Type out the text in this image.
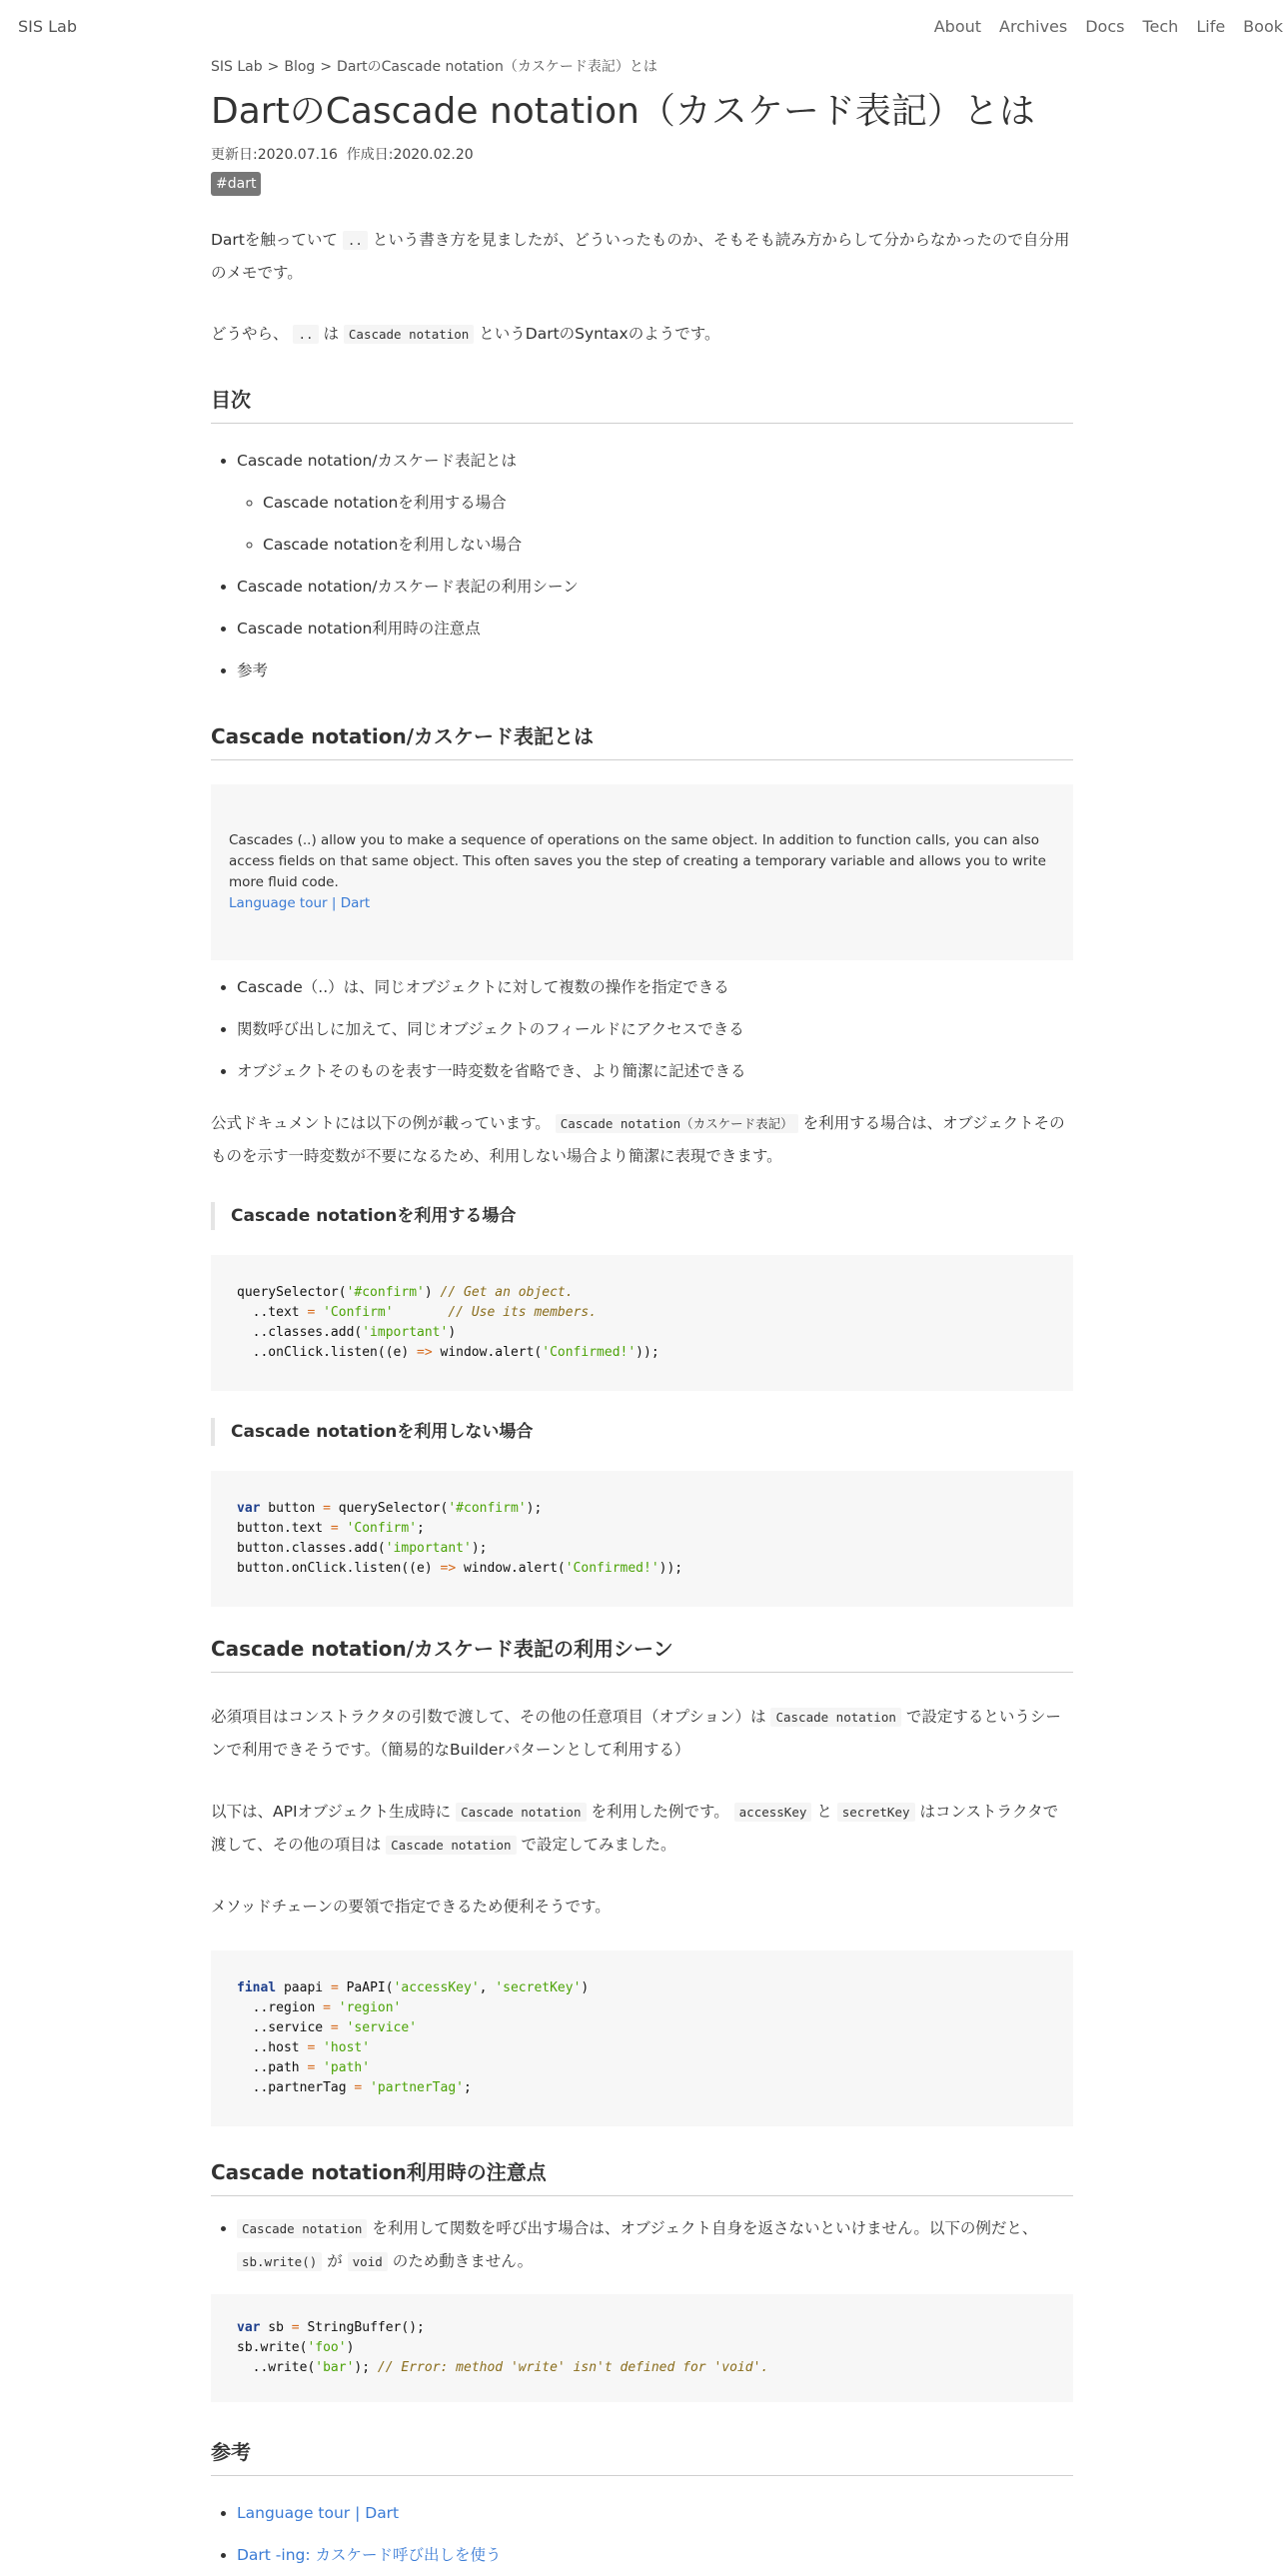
SIS Lab	About Archives Docs Tech Life Book
SIS Lab > Blog > DartのCascade notation（カスケード表記）とは
DartのCascade notation（カスケード表記）とは
更新日:2020.07.16 作成日:2020.02.20
#dart

Dartを触っていて .. という書き方を見ましたが、どういったものか、そもそも読み方からして分からなかったので自分用のメモです。

どうやら、 .. は Cascade notation というDartのSyntaxのようです。

目次
• Cascade notation/カスケード表記とは
◦ Cascade notationを利用する場合
◦ Cascade notationを利用しない場合
• Cascade notation/カスケード表記の利用シーン
• Cascade notation利用時の注意点
• 参考
Cascade notation/カスケード表記とは
Cascades (..) allow you to make a sequence of operations on the same object. In addition to function calls, you can also access fields on that same object. This often saves you the step of creating a temporary variable and allows you to write more fluid code.
Language tour | Dart
• Cascade（..）は、同じオブジェクトに対して複数の操作を指定できる
• 関数呼び出しに加えて、同じオブジェクトのフィールドにアクセスできる
• オブジェクトそのものを表す一時変数を省略でき、より簡潔に記述できる

公式ドキュメントには以下の例が載っています。 Cascade notation（カスケード表記） を利用する場合は、オブジェクトそのものを示す一時変数が不要になるため、利用しない場合より簡潔に表現できます。

Cascade notationを利用する場合
querySelector('#confirm') // Get an object.
..text = 'Confirm'	// Use its members.
..classes.add('important')
..onClick.listen((e) => window.alert('Confirmed!'));
Cascade notationを利用しない場合
var button = querySelector('#confirm');
button.text = 'Confirm';
button.classes.add('important');
button.onClick.listen((e) => window.alert('Confirmed!'));
Cascade notation/カスケード表記の利用シーン

必須項目はコンストラクタの引数で渡して、その他の任意項目（オプション）は Cascade notation で設定するというシーンで利用できそうです。（簡易的なBuilderパターンとして利用する）

以下は、APIオブジェクト生成時に Cascade notation を利用した例です。 accessKey と secretKey はコンストラクタで渡して、その他の項目は Cascade notation で設定してみました。

メソッドチェーンの要領で指定できるため便利そうです。

final paapi = PaAPI('accessKey', 'secretKey')
..region = 'region'
..service = 'service'
..host = 'host'
..path = 'path'
..partnerTag = 'partnerTag';
Cascade notation利用時の注意点
• Cascade notation を利用して関数を呼び出す場合は、オブジェクト自身を返さないといけません。以下の例だと、 sb.write() が void のため動きません。
var sb = StringBuffer();
sb.write('foo')
..write('bar'); // Error: method 'write' isn't defined for 'void'.
参考
• Language tour | Dart
• Dart -ing: カスケード呼び出しを使う
